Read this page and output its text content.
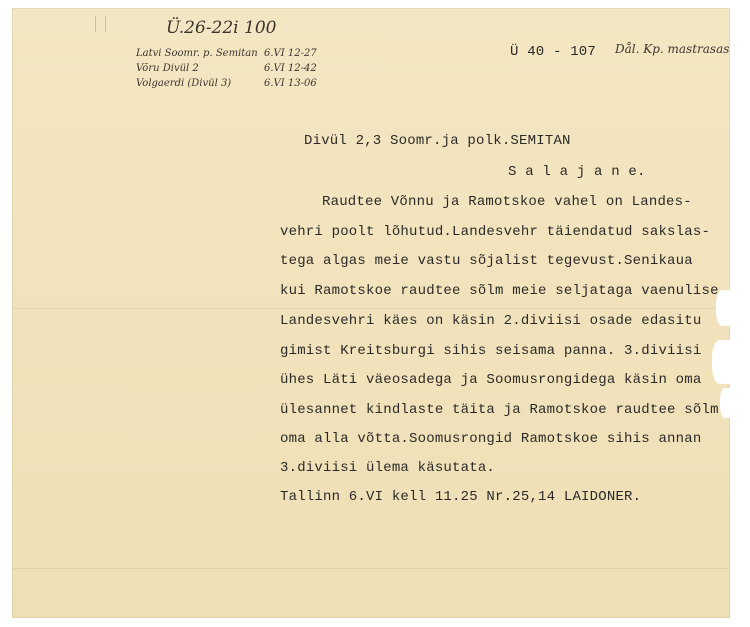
Ü.26-22i 100
Latvi Soomr. p. Semitan
Võru Divül 2
Volgaerdi (Divül 3)
6.VI 12-27
6.VI 12-42
6.VI 13-06
Ü 40 - 107 Dål. Kp. mastrasas
Divül 2,3 Soomr.ja polk.SEMITAN
S a l a j a n e.
Raudtee Võnnu ja Ramotskoe vahel on Landes-
vehri poolt lõhutud.Landesvehr täiendatud sakslas-
tega algas meie vastu sõjalist tegevust.Senikaua
kui Ramotskoe raudtee sõlm meie seljataga vaenulise
Landesvehri käes on käsin 2.diviisi osade edasitu
gimist Kreitsburgi sihis seisama panna. 3.diviisi
ühes Läti väeosadega ja Soomusrongidega käsin oma
ülesannet kindlaste täita ja Ramotskoe raudtee sõlm
oma alla võtta.Soomusrongid Ramotskoe sihis annan
3.diviisi ülema käsutata.
Tallinn 6.VI kell 11.25 Nr.25,14 LAIDONER.
